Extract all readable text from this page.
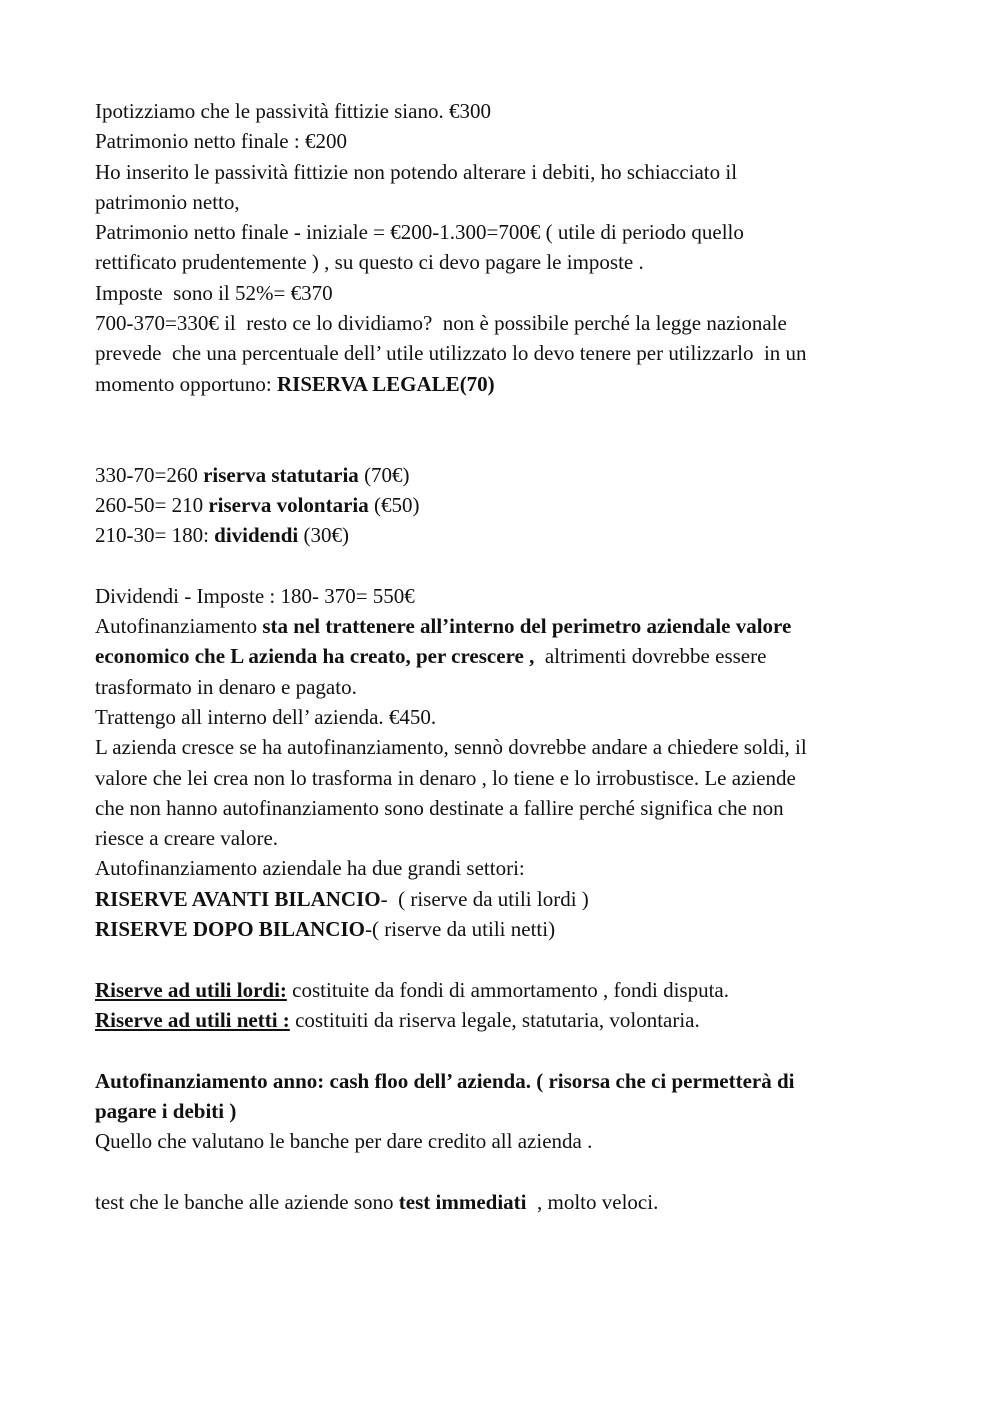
Ipotizziamo che le passività fittizie siano. €300

Patrimonio netto finale : €200

Ho inserito le passività fittizie non potendo alterare i debiti, ho schiacciato il

patrimonio netto,

Patrimonio netto finale - iniziale = €200-1.300=700€ ( utile di periodo quello

rettificato prudentemente ) , su questo ci devo pagare le imposte .

Imposte  sono il 52%= €370

700-370=330€ il  resto ce lo dividiamo?  non è possibile perché la legge nazionale

prevede  che una percentuale dell’ utile utilizzato lo devo tenere per utilizzarlo  in un

momento opportuno: RISERVA LEGALE(70)

330-70=260 riserva statutaria (70€)

260-50= 210 riserva volontaria (€50)

210-30= 180: dividendi (30€)

Dividendi - Imposte : 180- 370= 550€

Autofinanziamento sta nel trattenere all’interno del perimetro aziendale valore

economico che L azienda ha creato, per crescere ,  altrimenti dovrebbe essere

trasformato in denaro e pagato.

Trattengo all interno dell’ azienda. €450.

L azienda cresce se ha autofinanziamento, sennò dovrebbe andare a chiedere soldi, il

valore che lei crea non lo trasforma in denaro , lo tiene e lo irrobustisce. Le aziende

che non hanno autofinanziamento sono destinate a fallire perché significa che non

riesce a creare valore.

Autofinanziamento aziendale ha due grandi settori:

RISERVE AVANTI BILANCIO-  ( riserve da utili lordi )

RISERVE DOPO BILANCIO-( riserve da utili netti)

Riserve ad utili lordi: costituite da fondi di ammortamento , fondi disputa.

Riserve ad utili netti : costituiti da riserva legale, statutaria, volontaria.

Autofinanziamento anno: cash floo dell’ azienda. ( risorsa che ci permetterà di

pagare i debiti )

Quello che valutano le banche per dare credito all azienda .

test che le banche alle aziende sono test immediati  , molto veloci.
